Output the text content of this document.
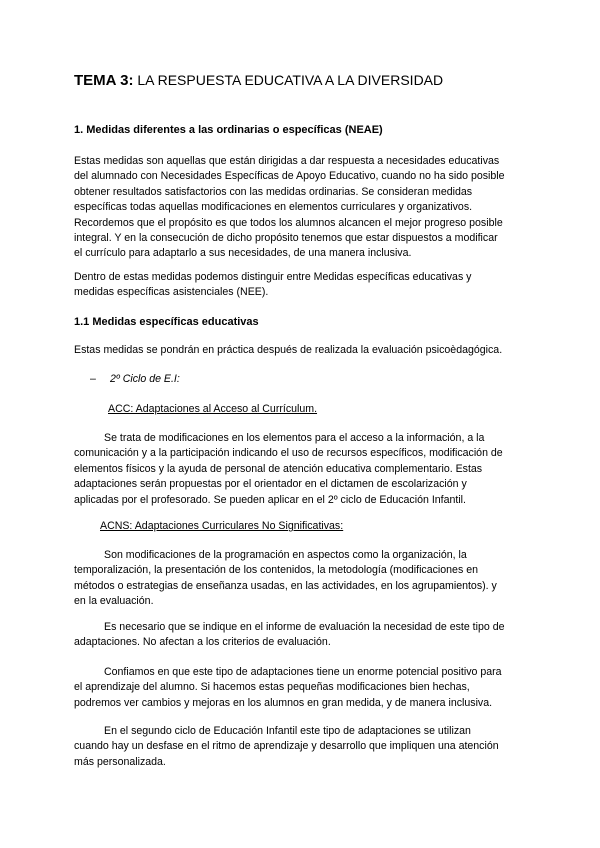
TEMA 3: LA RESPUESTA EDUCATIVA A LA DIVERSIDAD
1. Medidas diferentes a las ordinarias o específicas (NEAE)
Estas medidas son aquellas que están dirigidas a dar respuesta a necesidades educativas
del alumnado con Necesidades Específicas de Apoyo Educativo, cuando no ha sido posible
obtener resultados satisfactorios con las medidas ordinarias. Se consideran medidas
específicas todas aquellas modificaciones en elementos curriculares y organizativos.
Recordemos que el propósito es que todos los alumnos alcancen el mejor progreso posible
integral. Y en la consecución de dicho propósito tenemos que estar dispuestos a modificar
el currículo para adaptarlo a sus necesidades, de una manera inclusiva.
Dentro de estas medidas podemos distinguir entre Medidas específicas educativas y
medidas específicas asistenciales (NEE).
1.1 Medidas específicas educativas
Estas medidas se pondrán en práctica después de realizada la evaluación psicoèdagógica.
– 2º Ciclo de E.I:
ACC: Adaptaciones al Acceso al Currículum.
Se trata de modificaciones en los elementos para el acceso a la información, a la
comunicación y a la participación indicando el uso de recursos específicos, modificación de
elementos físicos y la ayuda de personal de atención educativa complementario. Estas
adaptaciones serán propuestas por el orientador en el dictamen de escolarización y
aplicadas por el profesorado. Se pueden aplicar en el 2º ciclo de Educación Infantil.
ACNS: Adaptaciones Curriculares No Significativas:
Son modificaciones de la programación en aspectos como la organización, la
temporalización, la presentación de los contenidos, la metodología (modificaciones en
métodos o estrategias de enseñanza usadas, en las actividades, en los agrupamientos). y
en la evaluación.
Es necesario que se indique en el informe de evaluación la necesidad de este tipo de
adaptaciones. No afectan a los criterios de evaluación.
Confiamos en que este tipo de adaptaciones tiene un enorme potencial positivo para
el aprendizaje del alumno. Si hacemos estas pequeñas modificaciones bien hechas,
podremos ver cambios y mejoras en los alumnos en gran medida, y de manera inclusiva.
En el segundo ciclo de Educación Infantil este tipo de adaptaciones se utilizan
cuando hay un desfase en el ritmo de aprendizaje y desarrollo que impliquen una atención
más personalizada.
